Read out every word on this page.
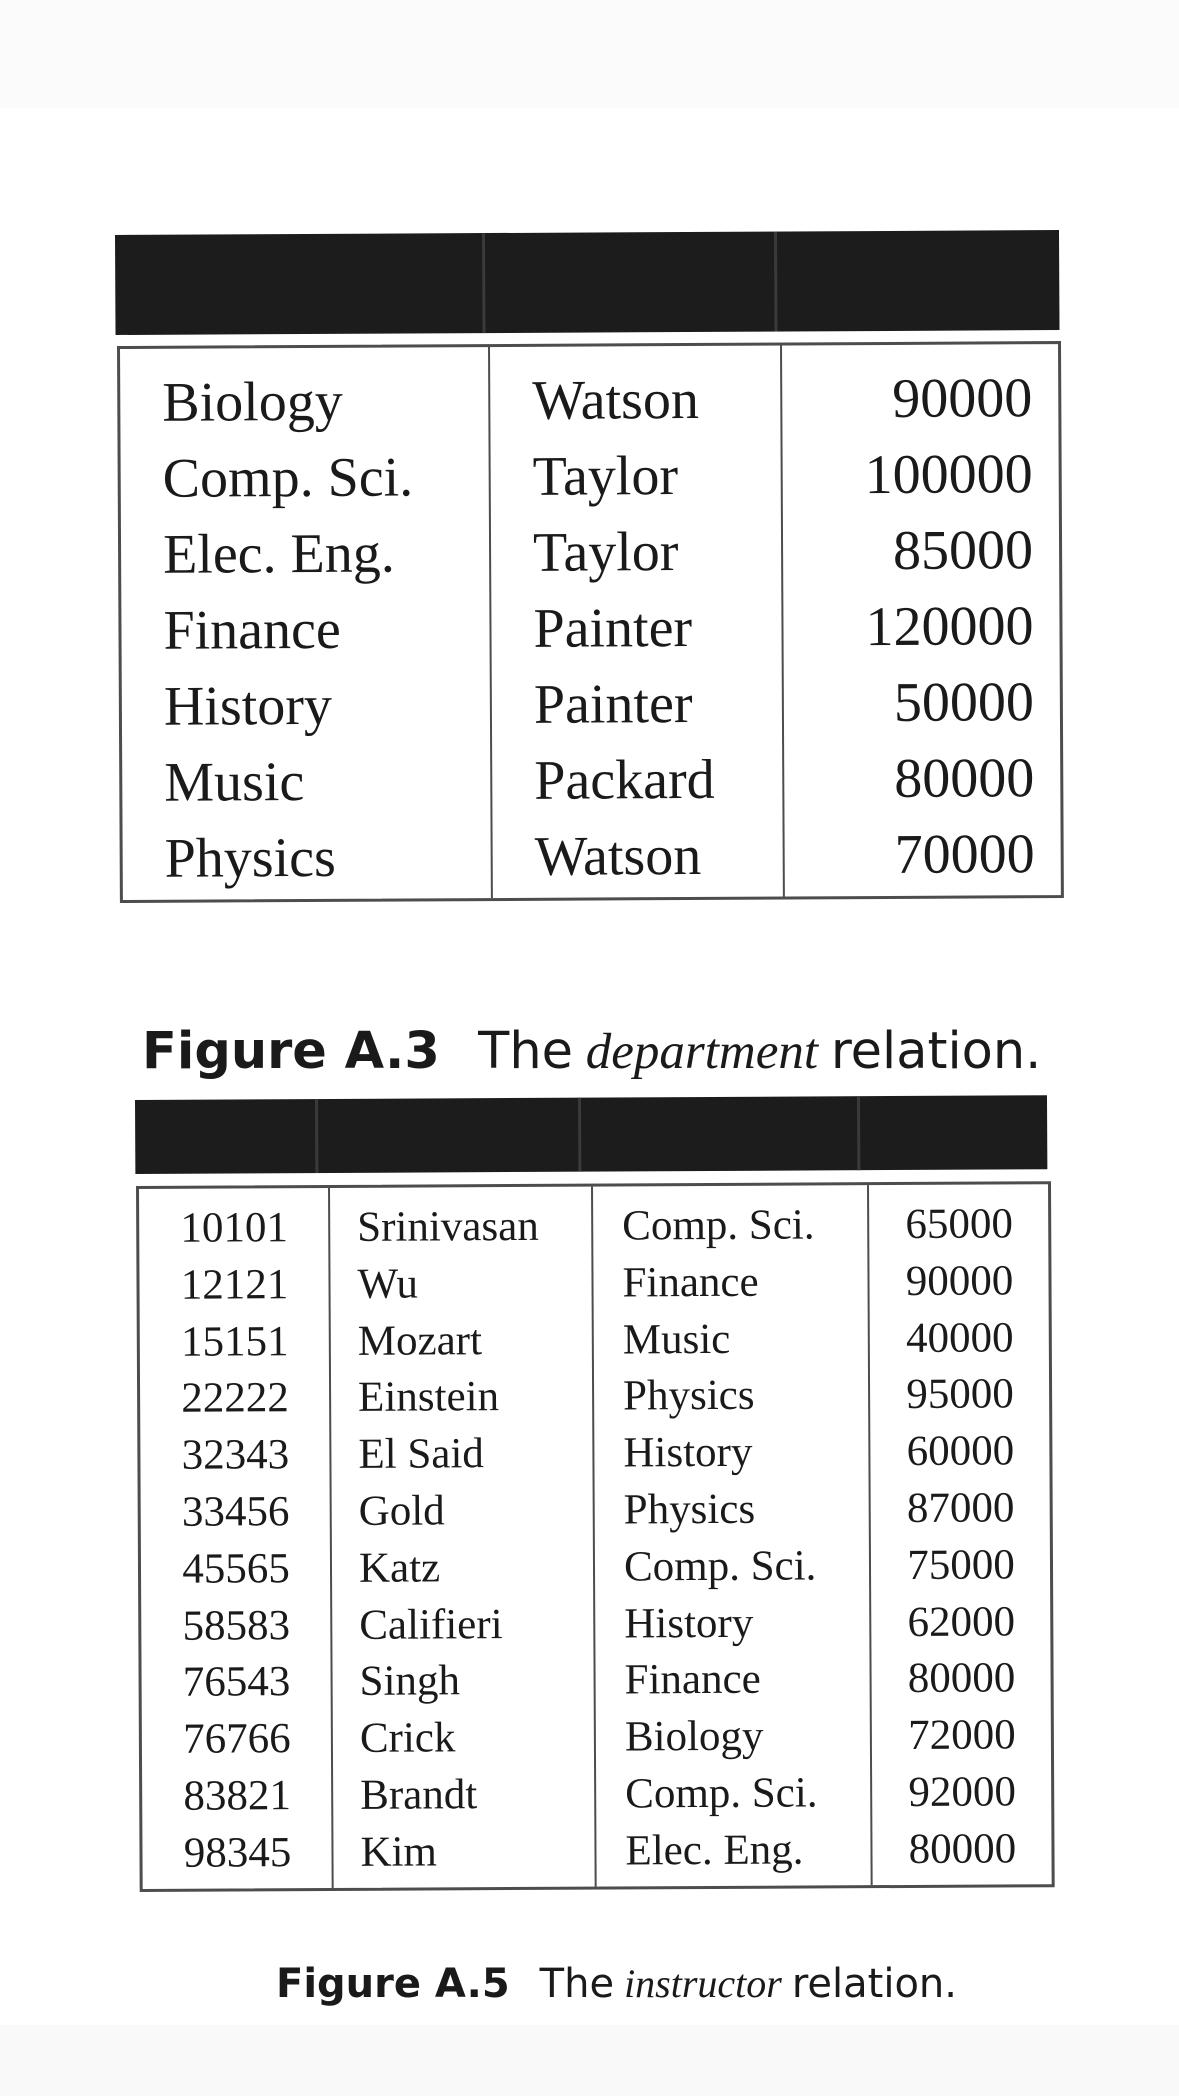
Biology
Comp. Sci.
Elec. Eng.
Finance
History
Music
Physics
Watson
Taylor
Taylor
Painter
Painter
Packard
Watson
90000
100000
85000
120000
50000
80000
70000
Figure A.3 The department relation.
10101
12121
15151
22222
32343
33456
45565
58583
76543
76766
83821
98345
Srinivasan
Wu
Mozart
Einstein
El Said
Gold
Katz
Califieri
Singh
Crick
Brandt
Kim
Comp. Sci.
Finance
Music
Physics
History
Physics
Comp. Sci.
History
Finance
Biology
Comp. Sci.
Elec. Eng.
65000
90000
40000
95000
60000
87000
75000
62000
80000
72000
92000
80000
Figure A.5 The instructor relation.
